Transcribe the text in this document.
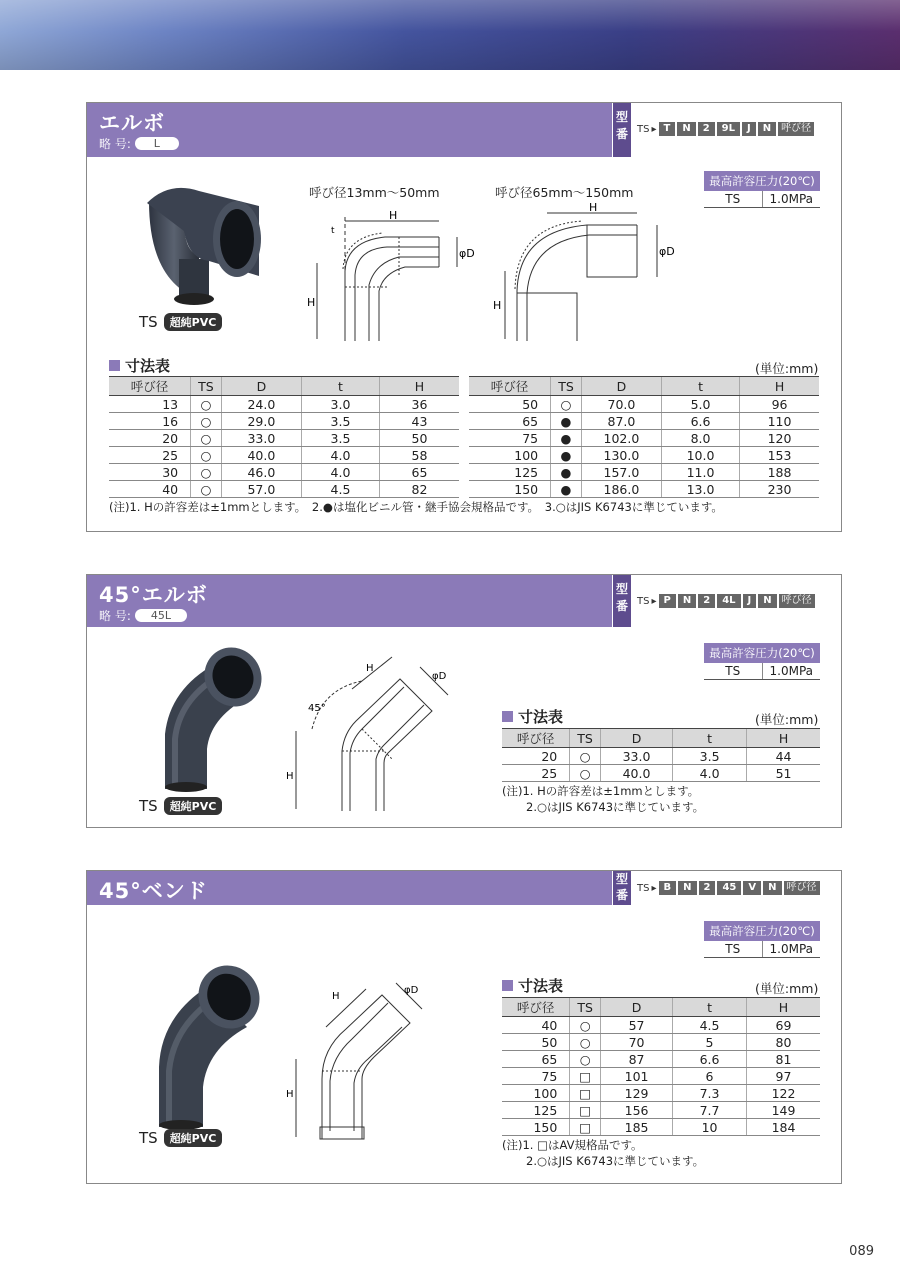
エルボ
略 号:	L
型
番 TS ▸ T	N	2	9L	J	N	呼び径
最高許容圧力(20℃)
TS	1.0MPa
TS	超純PVC
呼び径13mm～50mm	呼び径65mm～150mm
H
H
φD
t
H
H
φD
寸法表	(単位:mm)
呼び径	TS	D	t	H
13	○	24.0	3.0	36
16	○	29.0	3.5	43
20	○	33.0	3.5	50
25	○	40.0	4.0	58
30	○	46.0	4.0	65
40	○	57.0	4.5	82
呼び径	TS	D	t	H
50	○	70.0	5.0	96
65	●	87.0	6.6	110
75	●	102.0	8.0	120
100	●	130.0	10.0	153
125	●	157.0	11.0	188
150	●	186.0	13.0	230
(注)1. Hの許容差は±1mmとします。　2.●は塩化ビニル管・継手協会規格品です。　3.○はJIS K6743に準じています。
45°エルボ
略 号:	45L
型
番 TS ▸ P	N	2	4L	J	N	呼び径
最高許容圧力(20℃)
TS	1.0MPa
TS	超純PVC
H
45°
H
φD
寸法表	(単位:mm)
呼び径	TS	D	t	H
20	○	33.0	3.5	44
25	○	40.0	4.0	51
(注)1. Hの許容差は±1mmとします。
2.○はJIS K6743に準じています。
45°ベンド	型
番 TS ▸ B	N	2	45	V	N	呼び径
最高許容圧力(20℃)
TS	1.0MPa
TS	超純PVC
H
H
φD	寸法表	(単位:mm)
呼び径	TS	D	t	H
40	○	57	4.5	69
50	○	70	5	80
65	○	87	6.6	81
75	□	101	6	97
100	□	129	7.3	122
125	□	156	7.7	149
150	□	185	10	184
(注)1. □はAV規格品です。
2.○はJIS K6743に準じています。
089
